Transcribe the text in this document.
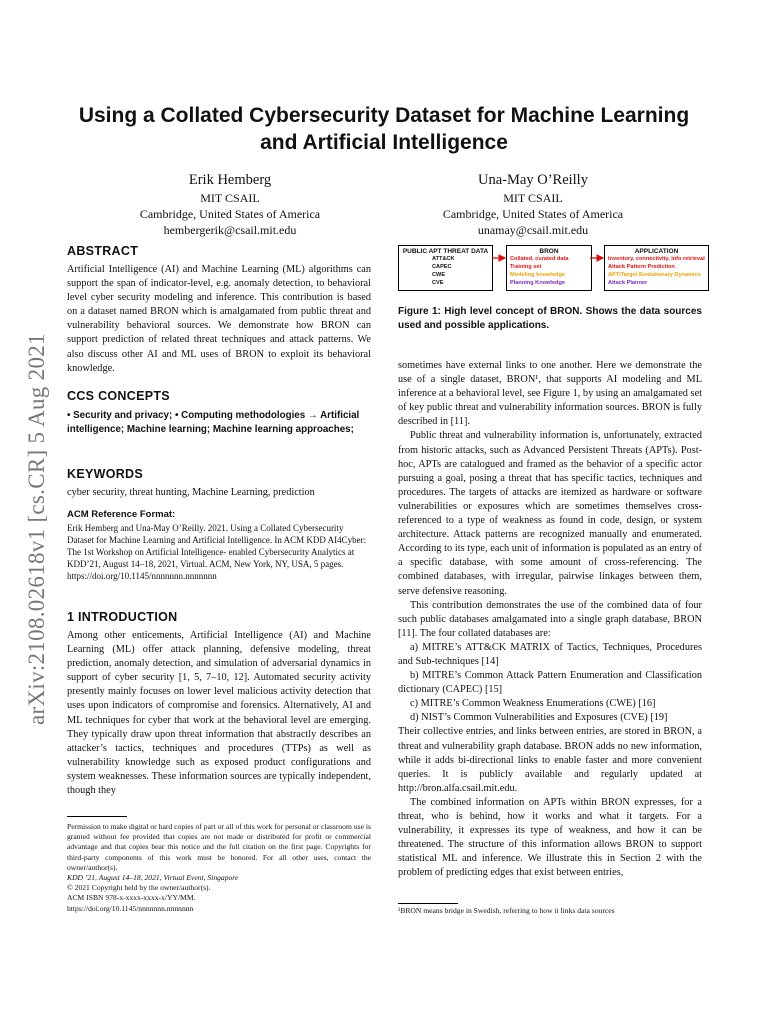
arXiv:2108.02618v1 [cs.CR] 5 Aug 2021
Using a Collated Cybersecurity Dataset for Machine Learning
and Artificial Intelligence
Erik Hemberg
MIT CSAIL
Cambridge, United States of America
hembergerik@csail.mit.edu
Una-May O’Reilly
MIT CSAIL
Cambridge, United States of America
unamay@csail.mit.edu
ABSTRACT
Artificial Intelligence (AI) and Machine Learning (ML) algorithms can support the span of indicator-level, e.g. anomaly detection, to behavioral level cyber security modeling and inference. This contribution is based on a dataset named BRON which is amalgamated from public threat and vulnerability behavioral sources. We demonstrate how BRON can support prediction of related threat techniques and attack patterns. We also discuss other AI and ML uses of BRON to exploit its behavioral knowledge.
CCS CONCEPTS
• Security and privacy; • Computing methodologies → Artificial intelligence; Machine learning; Machine learning approaches;
KEYWORDS
cyber security, threat hunting, Machine Learning, prediction
ACM Reference Format:
Erik Hemberg and Una-May O’Reilly. 2021. Using a Collated Cybersecurity Dataset for Machine Learning and Artificial Intelligence. In ACM KDD AI4Cyber: The 1st Workshop on Artificial Intelligence- enabled Cybersecurity Analytics at KDD’21, August 14–18, 2021, Virtual. ACM, New York, NY, USA, 5 pages. https://doi.org/10.1145/nnnnnnn.nnnnnnn
1 INTRODUCTION
Among other enticements, Artificial Intelligence (AI) and Machine Learning (ML) offer attack planning, defensive modeling, threat prediction, anomaly detection, and simulation of adversarial dynamics in support of cyber security [1, 5, 7–10, 12]. Automated security activity presently mainly focuses on lower level malicious activity detection that uses upon indicators of compromise and forensics. Alternatively, AI and ML techniques for cyber that work at the behavioral level are emerging. They typically draw upon threat information that abstractly describes an attacker’s tactics, techniques and procedures (TTPs) as well as vulnerability knowledge such as exposed product configurations and system weaknesses. These information sources are typically independent, though they
Permission to make digital or hard copies of part or all of this work for personal or classroom use is granted without fee provided that copies are not made or distributed for profit or commercial advantage and that copies bear this notice and the full citation on the first page. Copyrights for third-party components of this work must be honored. For all other uses, contact the owner/author(s).
KDD ’21, August 14–18, 2021, Virtual Event, Singapore
© 2021 Copyright held by the owner/author(s).
ACM ISBN 978-x-xxxx-xxxx-x/YY/MM.
https://doi.org/10.1145/nnnnnnn.nnnnnnn
PUBLIC APT THREAT DATA
ATT&CK
CAPEC
CWE
CVE
BRON
Collated, curated data
Training set
Modeling knowledge
Planning Knowledge
APPLICATION
Inventory, connectivity, info retrieval
Attack Pattern Prediction
APT/Target Evolutionary Dynamics
Attack Planner
Figure 1: High level concept of BRON. Shows the data sources used and possible applications.

sometimes have external links to one another. Here we demonstrate the use of a single dataset, BRON¹, that supports AI modeling and ML inference at a behavioral level, see Figure 1, by using an amalgamated set of key public threat and vulnerability information sources. BRON is fully described in [11].

Public threat and vulnerability information is, unfortunately, extracted from historic attacks, such as Advanced Persistent Threats (APTs). Post-hoc, APTs are catalogued and framed as the behavior of a specific actor pursuing a goal, posing a threat that has specific tactics, techniques and procedures. The targets of attacks are itemized as hardware or software vulnerabilities or exposures which are sometimes themselves cross-referenced to a type of weakness as found in code, design, or system architecture. Attack patterns are recognized manually and enumerated. According to its type, each unit of information is populated as an entry of a specific database, with some amount of cross-referencing. The combined databases, with irregular, pairwise linkages between them, serve defensive reasoning.

This contribution demonstrates the use of the combined data of four such public databases amalgamated into a single graph database, BRON [11]. The four collated databases are:

a) MITRE’s ATT&CK MATRIX of Tactics, Techniques, Procedures and Sub-techniques [14]

b) MITRE’s Common Attack Pattern Enumeration and Classification dictionary (CAPEC) [15]

c) MITRE’s Common Weakness Enumerations (CWE) [16]

d) NIST’s Common Vulnerabilities and Exposures (CVE) [19]

Their collective entries, and links between entries, are stored in BRON, a threat and vulnerability graph database. BRON adds no new information, while it adds bi-directional links to enable faster and more convenient queries. It is publicly available and regularly updated at http://bron.alfa.csail.mit.edu.

The combined information on APTs within BRON expresses, for a threat, who is behind, how it works and what it targets. For a vulnerability, it expresses its type of weakness, and how it can be threatened. The structure of this information allows BRON to support statistical ML and inference. We illustrate this in Section 2 with the problem of predicting edges that exist between entries,

¹BRON means bridge in Swedish, referring to how it links data sources
